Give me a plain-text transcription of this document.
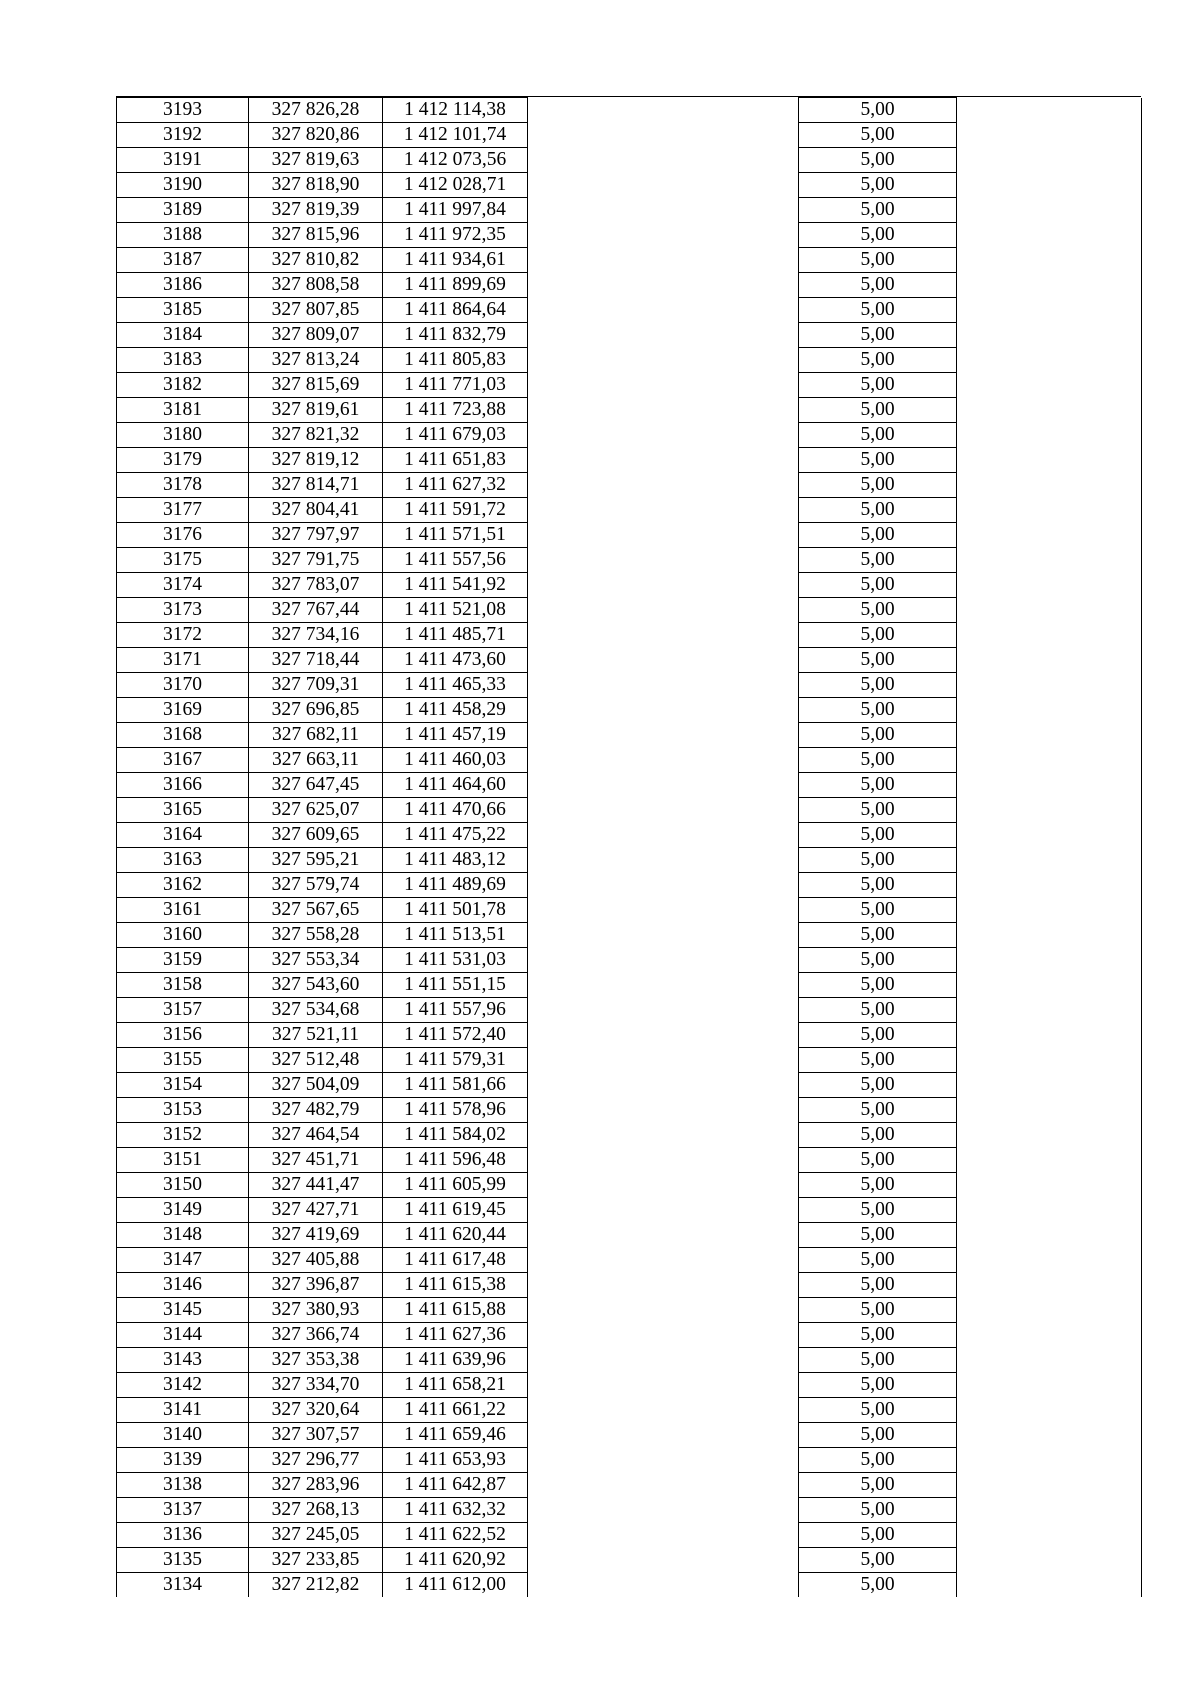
3193	327 826,28	1 412 114,38		5,00	
3192	327 820,86	1 412 101,74		5,00	
3191	327 819,63	1 412 073,56		5,00	
3190	327 818,90	1 412 028,71		5,00	
3189	327 819,39	1 411 997,84		5,00	
3188	327 815,96	1 411 972,35		5,00	
3187	327 810,82	1 411 934,61		5,00	
3186	327 808,58	1 411 899,69		5,00	
3185	327 807,85	1 411 864,64		5,00	
3184	327 809,07	1 411 832,79		5,00	
3183	327 813,24	1 411 805,83		5,00	
3182	327 815,69	1 411 771,03		5,00	
3181	327 819,61	1 411 723,88		5,00	
3180	327 821,32	1 411 679,03		5,00	
3179	327 819,12	1 411 651,83		5,00	
3178	327 814,71	1 411 627,32		5,00	
3177	327 804,41	1 411 591,72		5,00	
3176	327 797,97	1 411 571,51		5,00	
3175	327 791,75	1 411 557,56		5,00	
3174	327 783,07	1 411 541,92		5,00	
3173	327 767,44	1 411 521,08		5,00	
3172	327 734,16	1 411 485,71		5,00	
3171	327 718,44	1 411 473,60		5,00	
3170	327 709,31	1 411 465,33		5,00	
3169	327 696,85	1 411 458,29		5,00	
3168	327 682,11	1 411 457,19		5,00	
3167	327 663,11	1 411 460,03		5,00	
3166	327 647,45	1 411 464,60		5,00	
3165	327 625,07	1 411 470,66		5,00	
3164	327 609,65	1 411 475,22		5,00	
3163	327 595,21	1 411 483,12		5,00	
3162	327 579,74	1 411 489,69		5,00	
3161	327 567,65	1 411 501,78		5,00	
3160	327 558,28	1 411 513,51		5,00	
3159	327 553,34	1 411 531,03		5,00	
3158	327 543,60	1 411 551,15		5,00	
3157	327 534,68	1 411 557,96		5,00	
3156	327 521,11	1 411 572,40		5,00	
3155	327 512,48	1 411 579,31		5,00	
3154	327 504,09	1 411 581,66		5,00	
3153	327 482,79	1 411 578,96		5,00	
3152	327 464,54	1 411 584,02		5,00	
3151	327 451,71	1 411 596,48		5,00	
3150	327 441,47	1 411 605,99		5,00	
3149	327 427,71	1 411 619,45		5,00	
3148	327 419,69	1 411 620,44		5,00	
3147	327 405,88	1 411 617,48		5,00	
3146	327 396,87	1 411 615,38		5,00	
3145	327 380,93	1 411 615,88		5,00	
3144	327 366,74	1 411 627,36		5,00	
3143	327 353,38	1 411 639,96		5,00	
3142	327 334,70	1 411 658,21		5,00	
3141	327 320,64	1 411 661,22		5,00	
3140	327 307,57	1 411 659,46		5,00	
3139	327 296,77	1 411 653,93		5,00	
3138	327 283,96	1 411 642,87		5,00	
3137	327 268,13	1 411 632,32		5,00	
3136	327 245,05	1 411 622,52		5,00	
3135	327 233,85	1 411 620,92		5,00	
3134	327 212,82	1 411 612,00		5,00	
